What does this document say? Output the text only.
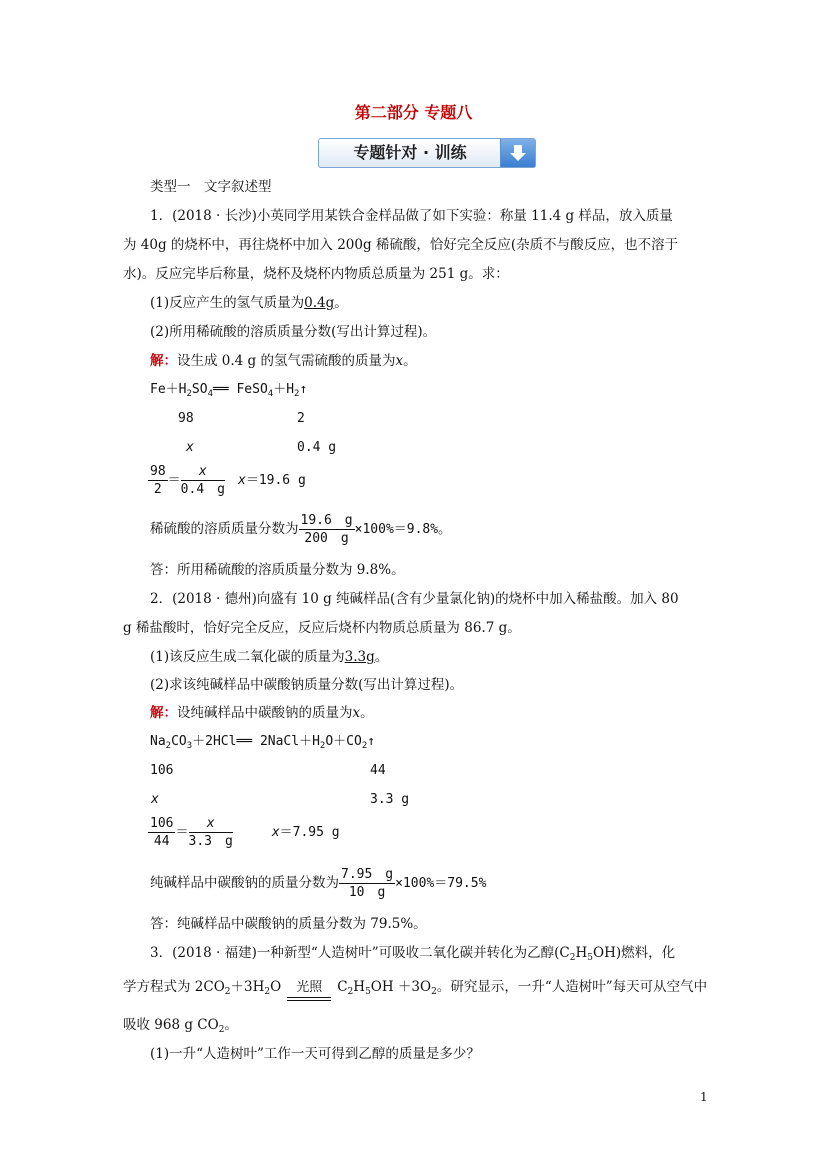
第二部分 专题八
专题针对 · 训练
类型一　文字叙述型
1．(2018 · 长沙)小英同学用某铁合金样品做了如下实验：称量 11.4 g 样品，放入质量
为 40g 的烧杯中，再往烧杯中加入 200g 稀硫酸，恰好完全反应(杂质不与酸反应，也不溶于
水)。反应完毕后称量，烧杯及烧杯内物质总质量为 251 g。求：
(1)反应产生的氢气质量为0.4g。
(2)所用稀硫酸的溶质质量分数(写出计算过程)。
解：设生成 0.4 g 的氢气需硫酸的质量为x。
$Fe+H_2SO_4══$ $FeSO_4+H_2↑$
98	2
x	0.4 g
$\frac{98}{2} = \frac{x}{0.4 g}$
　 x＝19.6 g
稀硫酸的溶质质量分数为 $\frac{19.6 g}{200 g} \times 100\%=9.8\%$。
答：所用稀硫酸的溶质质量分数为 9.8%。
2．(2018 · 德州)向盛有 10 g 纯碱样品(含有少量氯化钠)的烧杯中加入稀盐酸。加入 80
g 稀盐酸时，恰好完全反应，反应后烧杯内物质总质量为 86.7 g。
(1)该反应生成二氧化碳的质量为3.3g。
(2)求该纯碱样品中碳酸钠质量分数(写出计算过程)。
解：设纯碱样品中碳酸钠的质量为x。
$Na_2CO_3+2HCl══$ $2NaCl+H_2O+CO_2↑$
106	44
x	3.3 g
$\frac{106}{44} = \frac{x}{3.3 g}$
　　　	x＝7.95 g
纯碱样品中碳酸钠的质量分数为 $\frac{7.95 g}{10 g} \times 100\%=79.5\%$
答：纯碱样品中碳酸钠的质量分数为 79.5%。
3．(2018 · 福建)一种新型“人造树叶”可吸收二氧化碳并转化为乙醇$(C_2H_5OH)$燃料，化
学方程式为 $2CO_2+3H_2O$	光照	$C_2H_5OH +3O_2$。研究显示，一升“人造树叶”每天可从空气中
吸收 968 g $CO_2$。
(1)一升“人造树叶”工作一天可得到乙醇的质量是多少？
1
